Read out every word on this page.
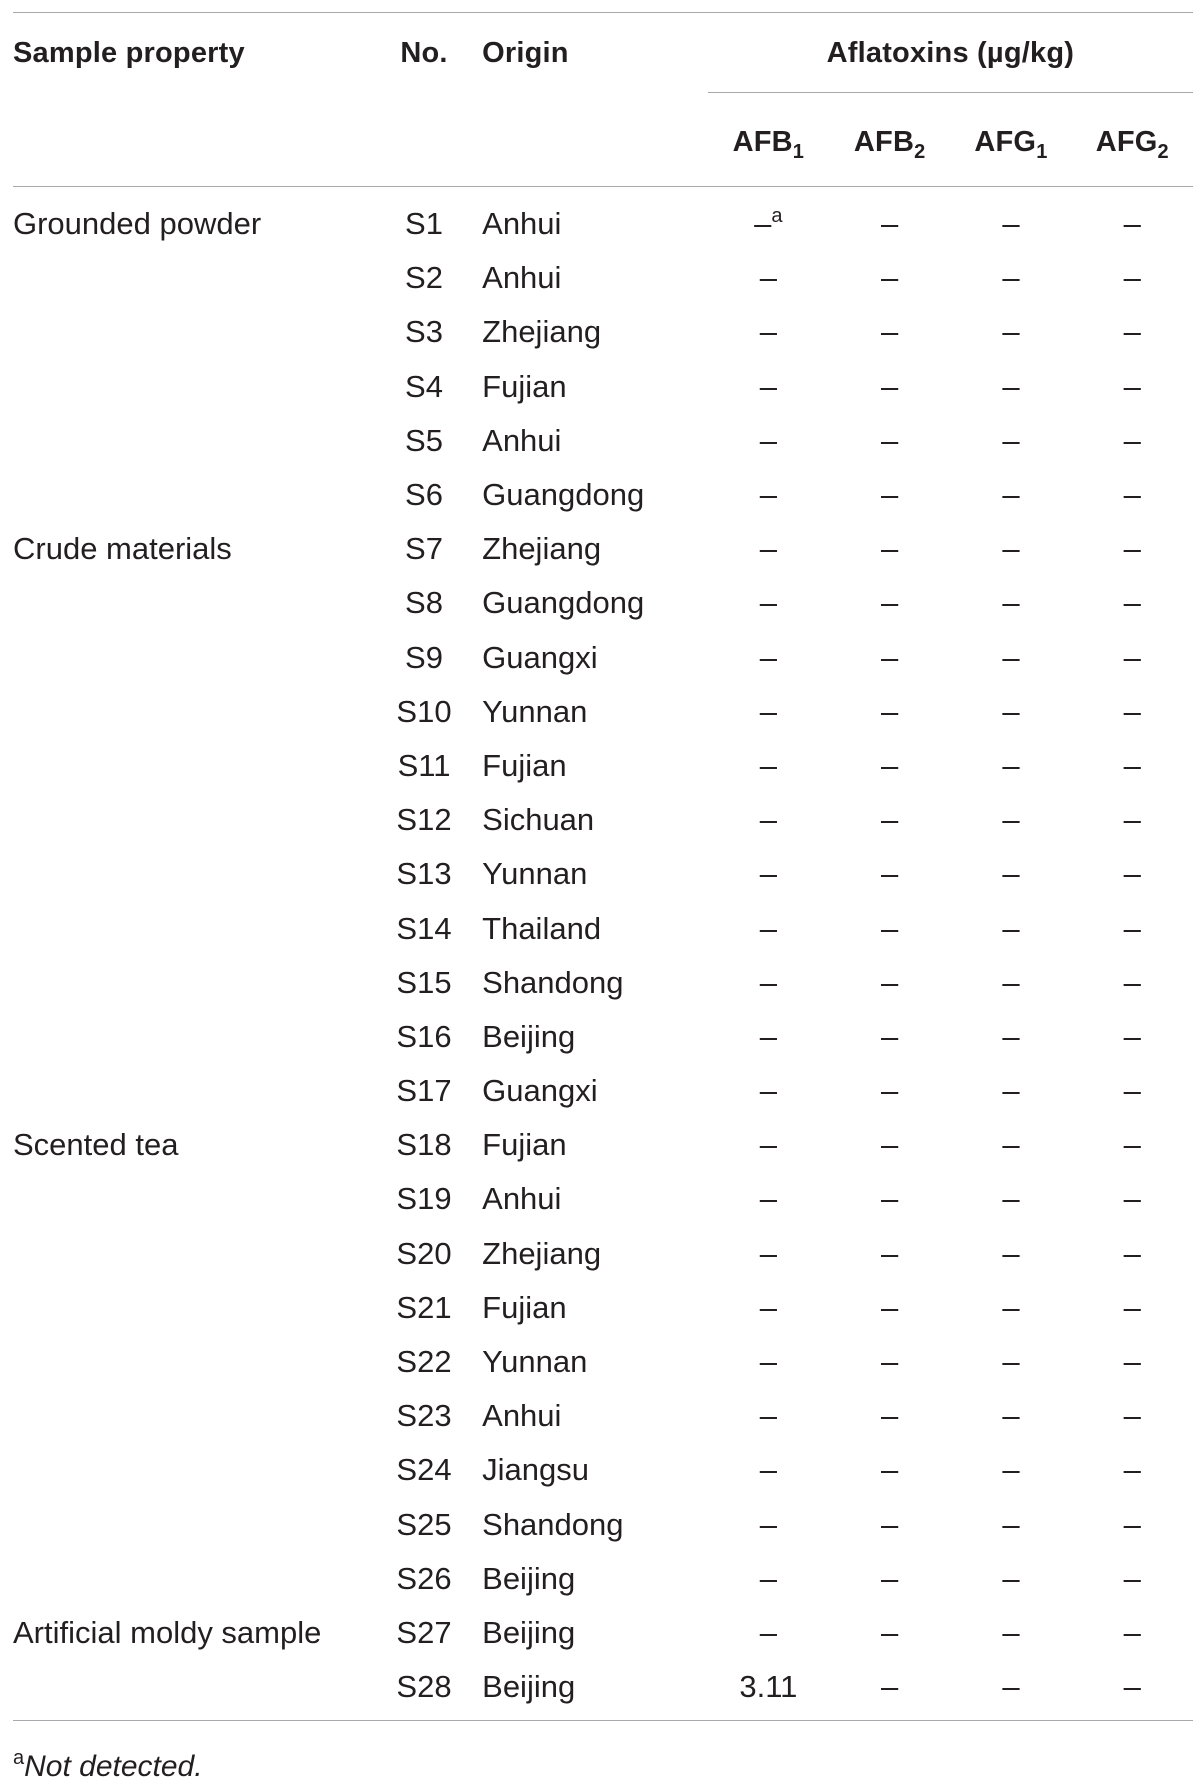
Sample property	No.	Origin	Aflatoxins (µg/kg)			
			$AFB_1$	$AFB_2$	$AFG_1$	$AFG_2$
Grounded powder	S1	Anhui	–$^a$	–	–	–
	S2	Anhui	–	–	–	–
	S3	Zhejiang	–	–	–	–
	S4	Fujian	–	–	–	–
	S5	Anhui	–	–	–	–
	S6	Guangdong	–	–	–	–
Crude materials	S7	Zhejiang	–	–	–	–
	S8	Guangdong	–	–	–	–
	S9	Guangxi	–	–	–	–
	S10	Yunnan	–	–	–	–
	S11	Fujian	–	–	–	–
	S12	Sichuan	–	–	–	–
	S13	Yunnan	–	–	–	–
	S14	Thailand	–	–	–	–
	S15	Shandong	–	–	–	–
	S16	Beijing	–	–	–	–
	S17	Guangxi	–	–	–	–
Scented tea	S18	Fujian	–	–	–	–
	S19	Anhui	–	–	–	–
	S20	Zhejiang	–	–	–	–
	S21	Fujian	–	–	–	–
	S22	Yunnan	–	–	–	–
	S23	Anhui	–	–	–	–
	S24	Jiangsu	–	–	–	–
	S25	Shandong	–	–	–	–
	S26	Beijing	–	–	–	–
Artificial moldy sample	S27	Beijing	–	–	–	–
	S28	Beijing	3.11	–	–	–
$^a$Not detected.
